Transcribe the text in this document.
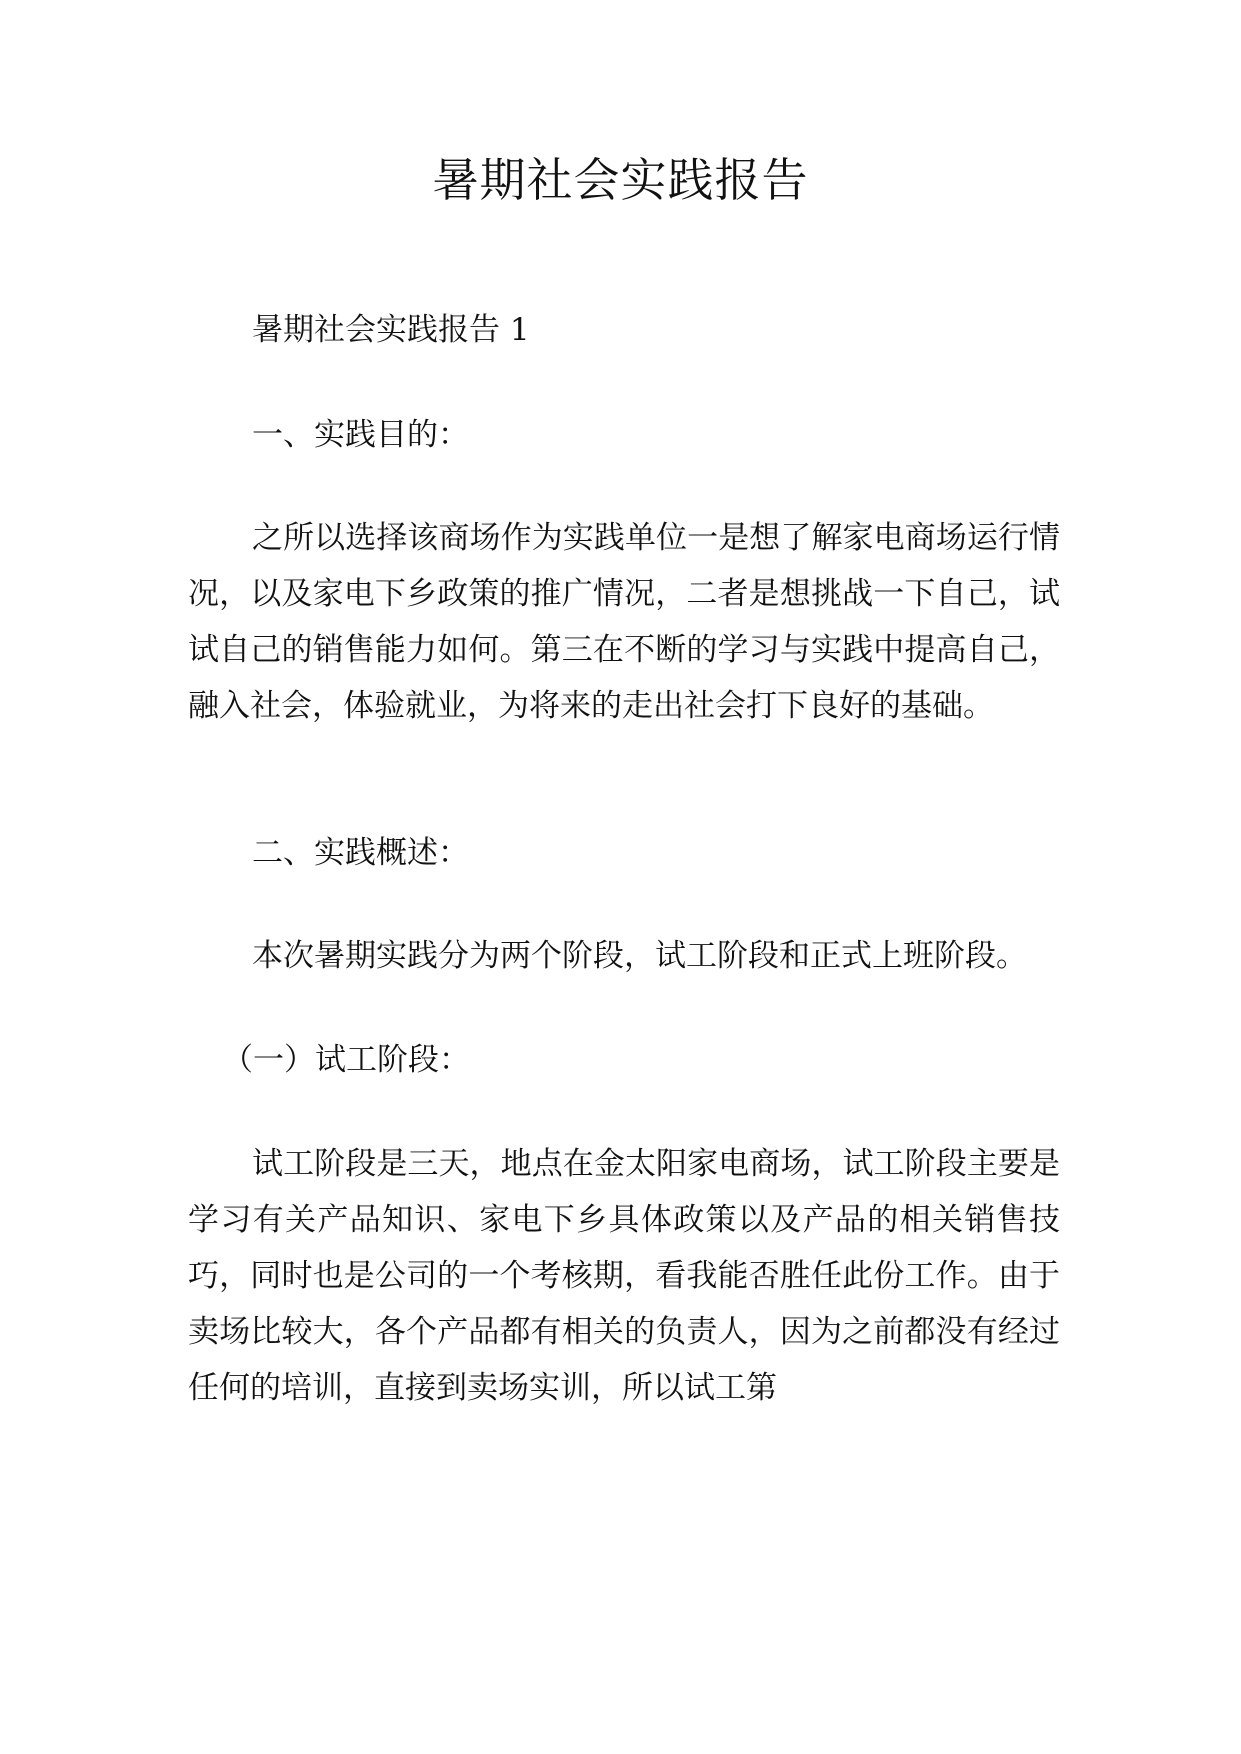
暑期社会实践报告

暑期社会实践报告 1

一、实践目的：

之所以选择该商场作为实践单位一是想了解家电商场运行情况，以及家电下乡政策的推广情况，二者是想挑战一下自己，试试自己的销售能力如何。第三在不断的学习与实践中提高自己，融入社会，体验就业，为将来的走出社会打下良好的基础。

二、实践概述：

本次暑期实践分为两个阶段，试工阶段和正式上班阶段。

（一）试工阶段：

试工阶段是三天，地点在金太阳家电商场，试工阶段主要是学习有关产品知识、家电下乡具体政策以及产品的相关销售技巧，同时也是公司的一个考核期，看我能否胜任此份工作。由于卖场比较大，各个产品都有相关的负责人，因为之前都没有经过任何的培训，直接到卖场实训，所以试工第
